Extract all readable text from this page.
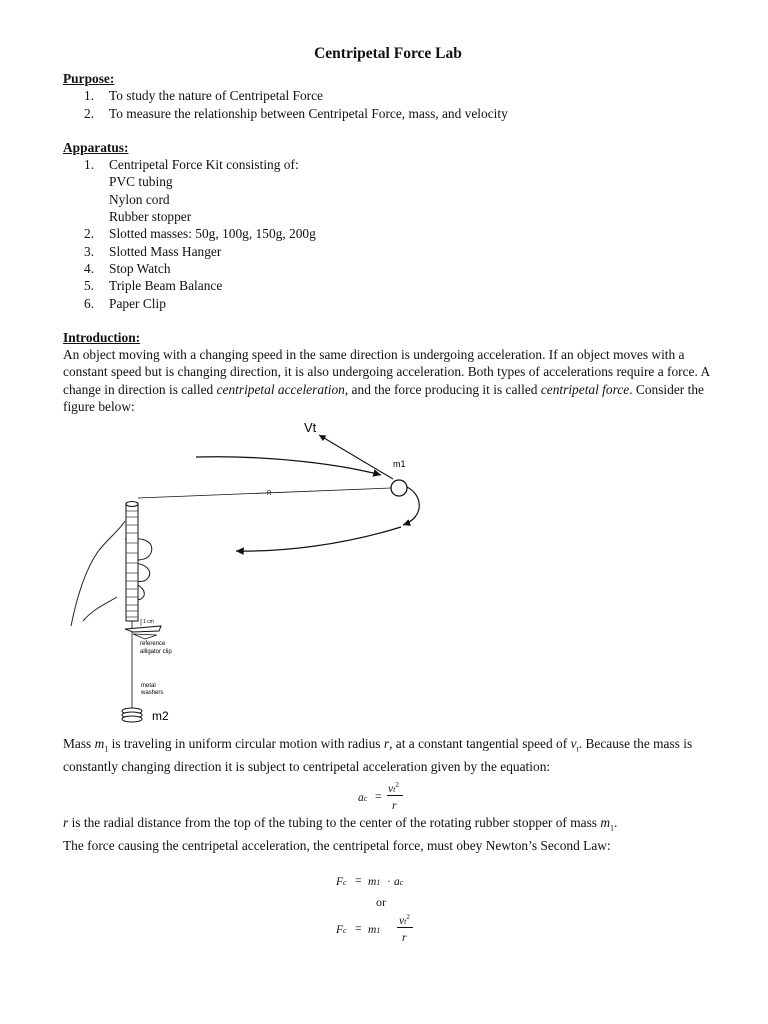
Centripetal Force Lab
Purpose:
1. To study the nature of Centripetal Force
2. To measure the relationship between Centripetal Force, mass, and velocity
Apparatus:
1. Centripetal Force Kit consisting of:
PVC tubing
Nylon cord
Rubber stopper
2. Slotted masses: 50g, 100g, 150g, 200g
3. Slotted Mass Hanger
4. Stop Watch
5. Triple Beam Balance
6. Paper Clip
Introduction:

An object moving with a changing speed in the same direction is undergoing acceleration. If an object moves with a constant speed but is changing direction, it is also undergoing acceleration. Both types of accelerations require a force. A change in direction is called centripetal acceleration, and the force producing it is called centripetal force. Consider the figure below:

Vt
m1
R
1 cm
reference
alligator clip
metal
washers
m2

Mass $m_1$ is traveling in uniform circular motion with radius r, at a constant tangential speed of $v_t$. Because the mass is constantly changing direction it is subject to centripetal acceleration given by the equation:

ac =
$vt^2$
r

r is the radial distance from the top of the tubing to the center of the rotating rubber stopper of mass $m_1$.
The force causing the centripetal acceleration, the centripetal force, must obey Newton’s Second Law:

Fc = m1 · ac
or
Fc = m1
$vt^2$
r
